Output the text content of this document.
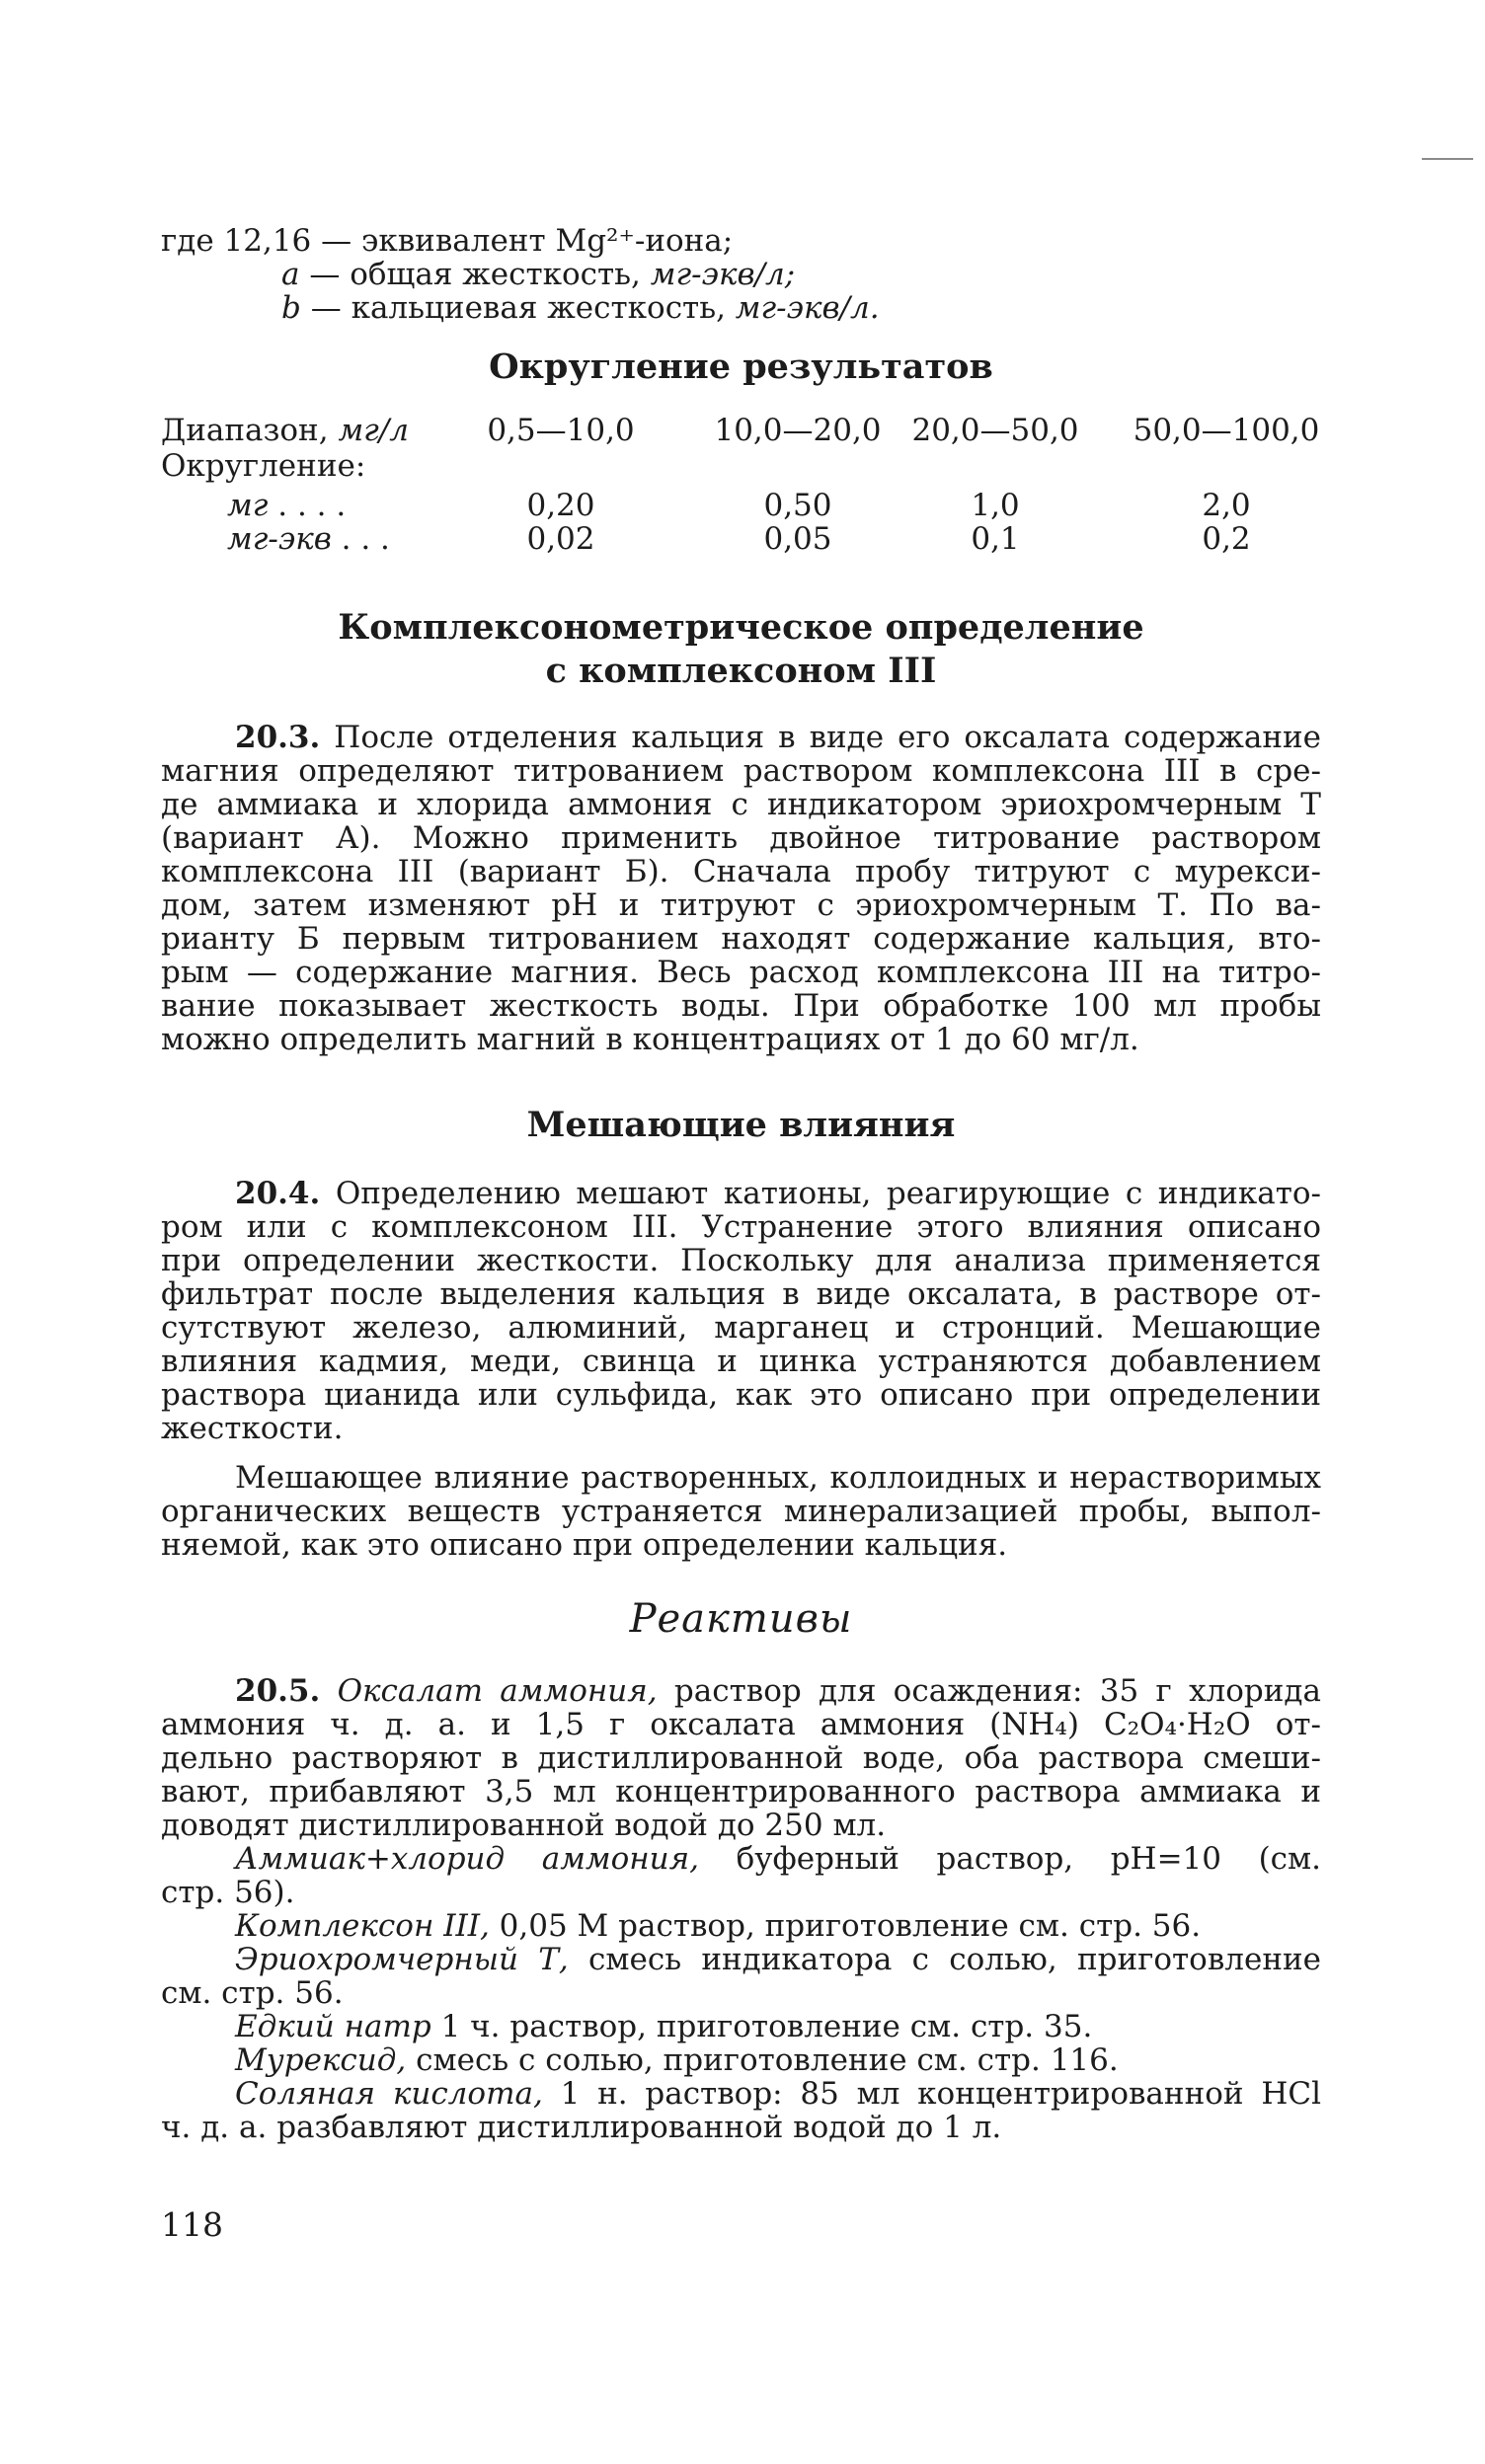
где 12,16 — эквивалент Mg²⁺-иона;
a — общая жесткость, мг-экв/л;
b — кальциевая жесткость, мг-экв/л.
Округление результатов
Диапазон, мг/л	0,5—10,0	10,0—20,0 20,0—50,0 50,0—100,0
Округление:
мг . . . .	0,20	0,50	1,0	2,0
мг-экв . . .	0,02	0,05	0,1	0,2
Комплексонометрическое определение
с комплексоном III
20.3. После отделения кальция в виде его оксалата содержание
магния определяют титрованием раствором комплексона III в сре-
де аммиака и хлорида аммония с индикатором эриохромчерным Т
(вариант А). Можно применить двойное титрование раствором
комплексона III (вариант Б). Сначала пробу титруют с мурекси-
дом, затем изменяют pH и титруют с эриохромчерным Т. По ва-
рианту Б первым титрованием находят содержание кальция, вто-
рым — содержание магния. Весь расход комплексона III на титро-
вание показывает жесткость воды. При обработке 100 мл пробы
можно определить магний в концентрациях от 1 до 60 мг/л.
Мешающие влияния
20.4. Определению мешают катионы, реагирующие с индикато-
ром или с комплексоном III. Устранение этого влияния описано
при определении жесткости. Поскольку для анализа применяется
фильтрат после выделения кальция в виде оксалата, в растворе от-
сутствуют железо, алюминий, марганец и стронций. Мешающие
влияния кадмия, меди, свинца и цинка устраняются добавлением
раствора цианида или сульфида, как это описано при определении
жесткости.
Мешающее влияние растворенных, коллоидных и нерастворимых
органических веществ устраняется минерализацией пробы, выпол-
няемой, как это описано при определении кальция.
Реактивы
20.5. Оксалат аммония, раствор для осаждения: 35 г хлорида
аммония ч. д. а. и 1,5 г оксалата аммония (NH₄) C₂O₄·H₂O от-
дельно растворяют в дистиллированной воде, оба раствора смеши-
вают, прибавляют 3,5 мл концентрированного раствора аммиака и
доводят дистиллированной водой до 250 мл.
Аммиак+хлорид аммония, буферный раствор, pH=10 (см.
стр. 56).
Комплексон III, 0,05 М раствор, приготовление см. стр. 56.
Эриохромчерный Т, смесь индикатора с солью, приготовление
см. стр. 56.
Едкий натр 1 ч. раствор, приготовление см. стр. 35.
Мурексид, смесь с солью, приготовление см. стр. 116.
Соляная кислота, 1 н. раствор: 85 мл концентрированной HCl
ч. д. а. разбавляют дистиллированной водой до 1 л.
118
